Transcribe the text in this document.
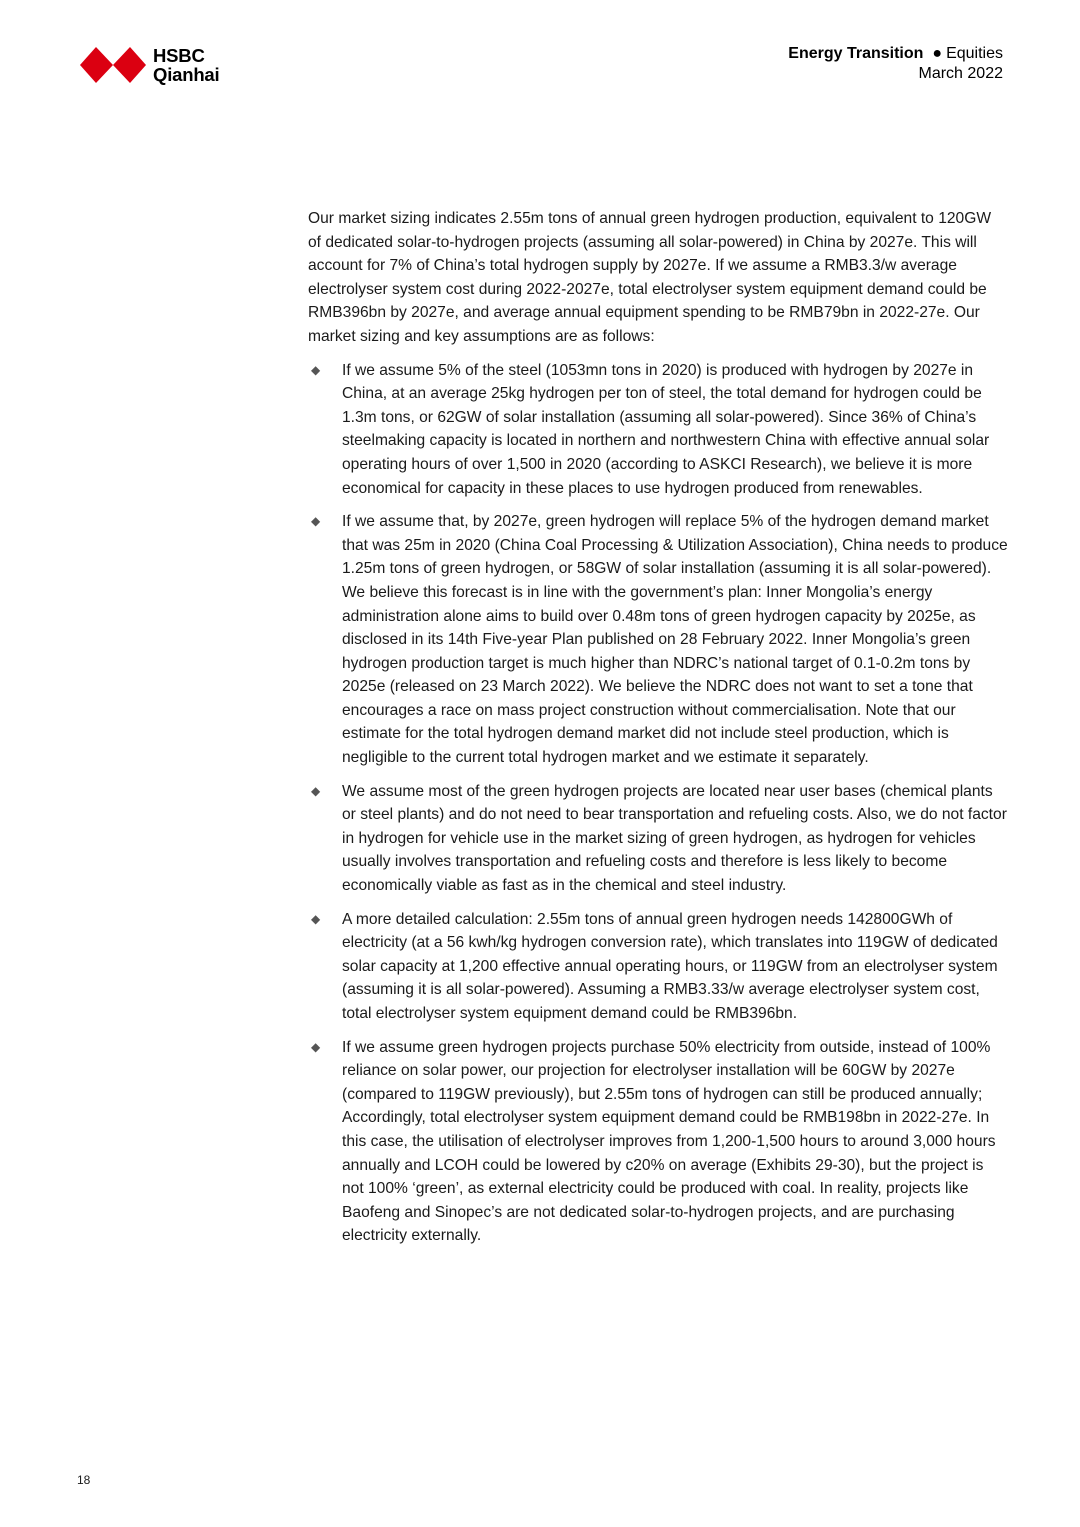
HSBC
Qianhai
Energy Transition ● Equities
March 2022

Our market sizing indicates 2.55m tons of annual green hydrogen production, equivalent to 120GW of dedicated solar-to-hydrogen projects (assuming all solar-powered) in China by 2027e. This will account for 7% of China’s total hydrogen supply by 2027e. If we assume a RMB3.3/w average electrolyser system cost during 2022-2027e, total electrolyser system equipment demand could be RMB396bn by 2027e, and average annual equipment spending to be RMB79bn in 2022-27e. Our market sizing and key assumptions are as follows:

◆ If we assume 5% of the steel (1053mn tons in 2020) is produced with hydrogen by 2027e in China, at an average 25kg hydrogen per ton of steel, the total demand for hydrogen could be 1.3m tons, or 62GW of solar installation (assuming all solar-powered). Since 36% of China’s steelmaking capacity is located in northern and northwestern China with effective annual solar operating hours of over 1,500 in 2020 (according to ASKCI Research), we believe it is more economical for capacity in these places to use hydrogen produced from renewables.
◆ If we assume that, by 2027e, green hydrogen will replace 5% of the hydrogen demand market that was 25m in 2020 (China Coal Processing & Utilization Association), China needs to produce 1.25m tons of green hydrogen, or 58GW of solar installation (assuming it is all solar-powered). We believe this forecast is in line with the government’s plan: Inner Mongolia’s energy administration alone aims to build over 0.48m tons of green hydrogen capacity by 2025e, as disclosed in its 14th Five-year Plan published on 28 February 2022. Inner Mongolia’s green hydrogen production target is much higher than NDRC’s national target of 0.1-0.2m tons by 2025e (released on 23 March 2022). We believe the NDRC does not want to set a tone that encourages a race on mass project construction without commercialisation. Note that our estimate for the total hydrogen demand market did not include steel production, which is negligible to the current total hydrogen market and we estimate it separately.
◆ We assume most of the green hydrogen projects are located near user bases (chemical plants or steel plants) and do not need to bear transportation and refueling costs. Also, we do not factor in hydrogen for vehicle use in the market sizing of green hydrogen, as hydrogen for vehicles usually involves transportation and refueling costs and therefore is less likely to become economically viable as fast as in the chemical and steel industry.
◆ A more detailed calculation: 2.55m tons of annual green hydrogen needs 142800GWh of electricity (at a 56 kwh/kg hydrogen conversion rate), which translates into 119GW of dedicated solar capacity at 1,200 effective annual operating hours, or 119GW from an electrolyser system (assuming it is all solar-powered). Assuming a RMB3.33/w average electrolyser system cost, total electrolyser system equipment demand could be RMB396bn.
◆ If we assume green hydrogen projects purchase 50% electricity from outside, instead of 100% reliance on solar power, our projection for electrolyser installation will be 60GW by 2027e (compared to 119GW previously), but 2.55m tons of hydrogen can still be produced annually; Accordingly, total electrolyser system equipment demand could be RMB198bn in 2022-27e. In this case, the utilisation of electrolyser improves from 1,200-1,500 hours to around 3,000 hours annually and LCOH could be lowered by c20% on average (Exhibits 29-30), but the project is not 100% ‘green’, as external electricity could be produced with coal. In reality, projects like Baofeng and Sinopec’s are not dedicated solar-to-hydrogen projects, and are purchasing electricity externally.
18
